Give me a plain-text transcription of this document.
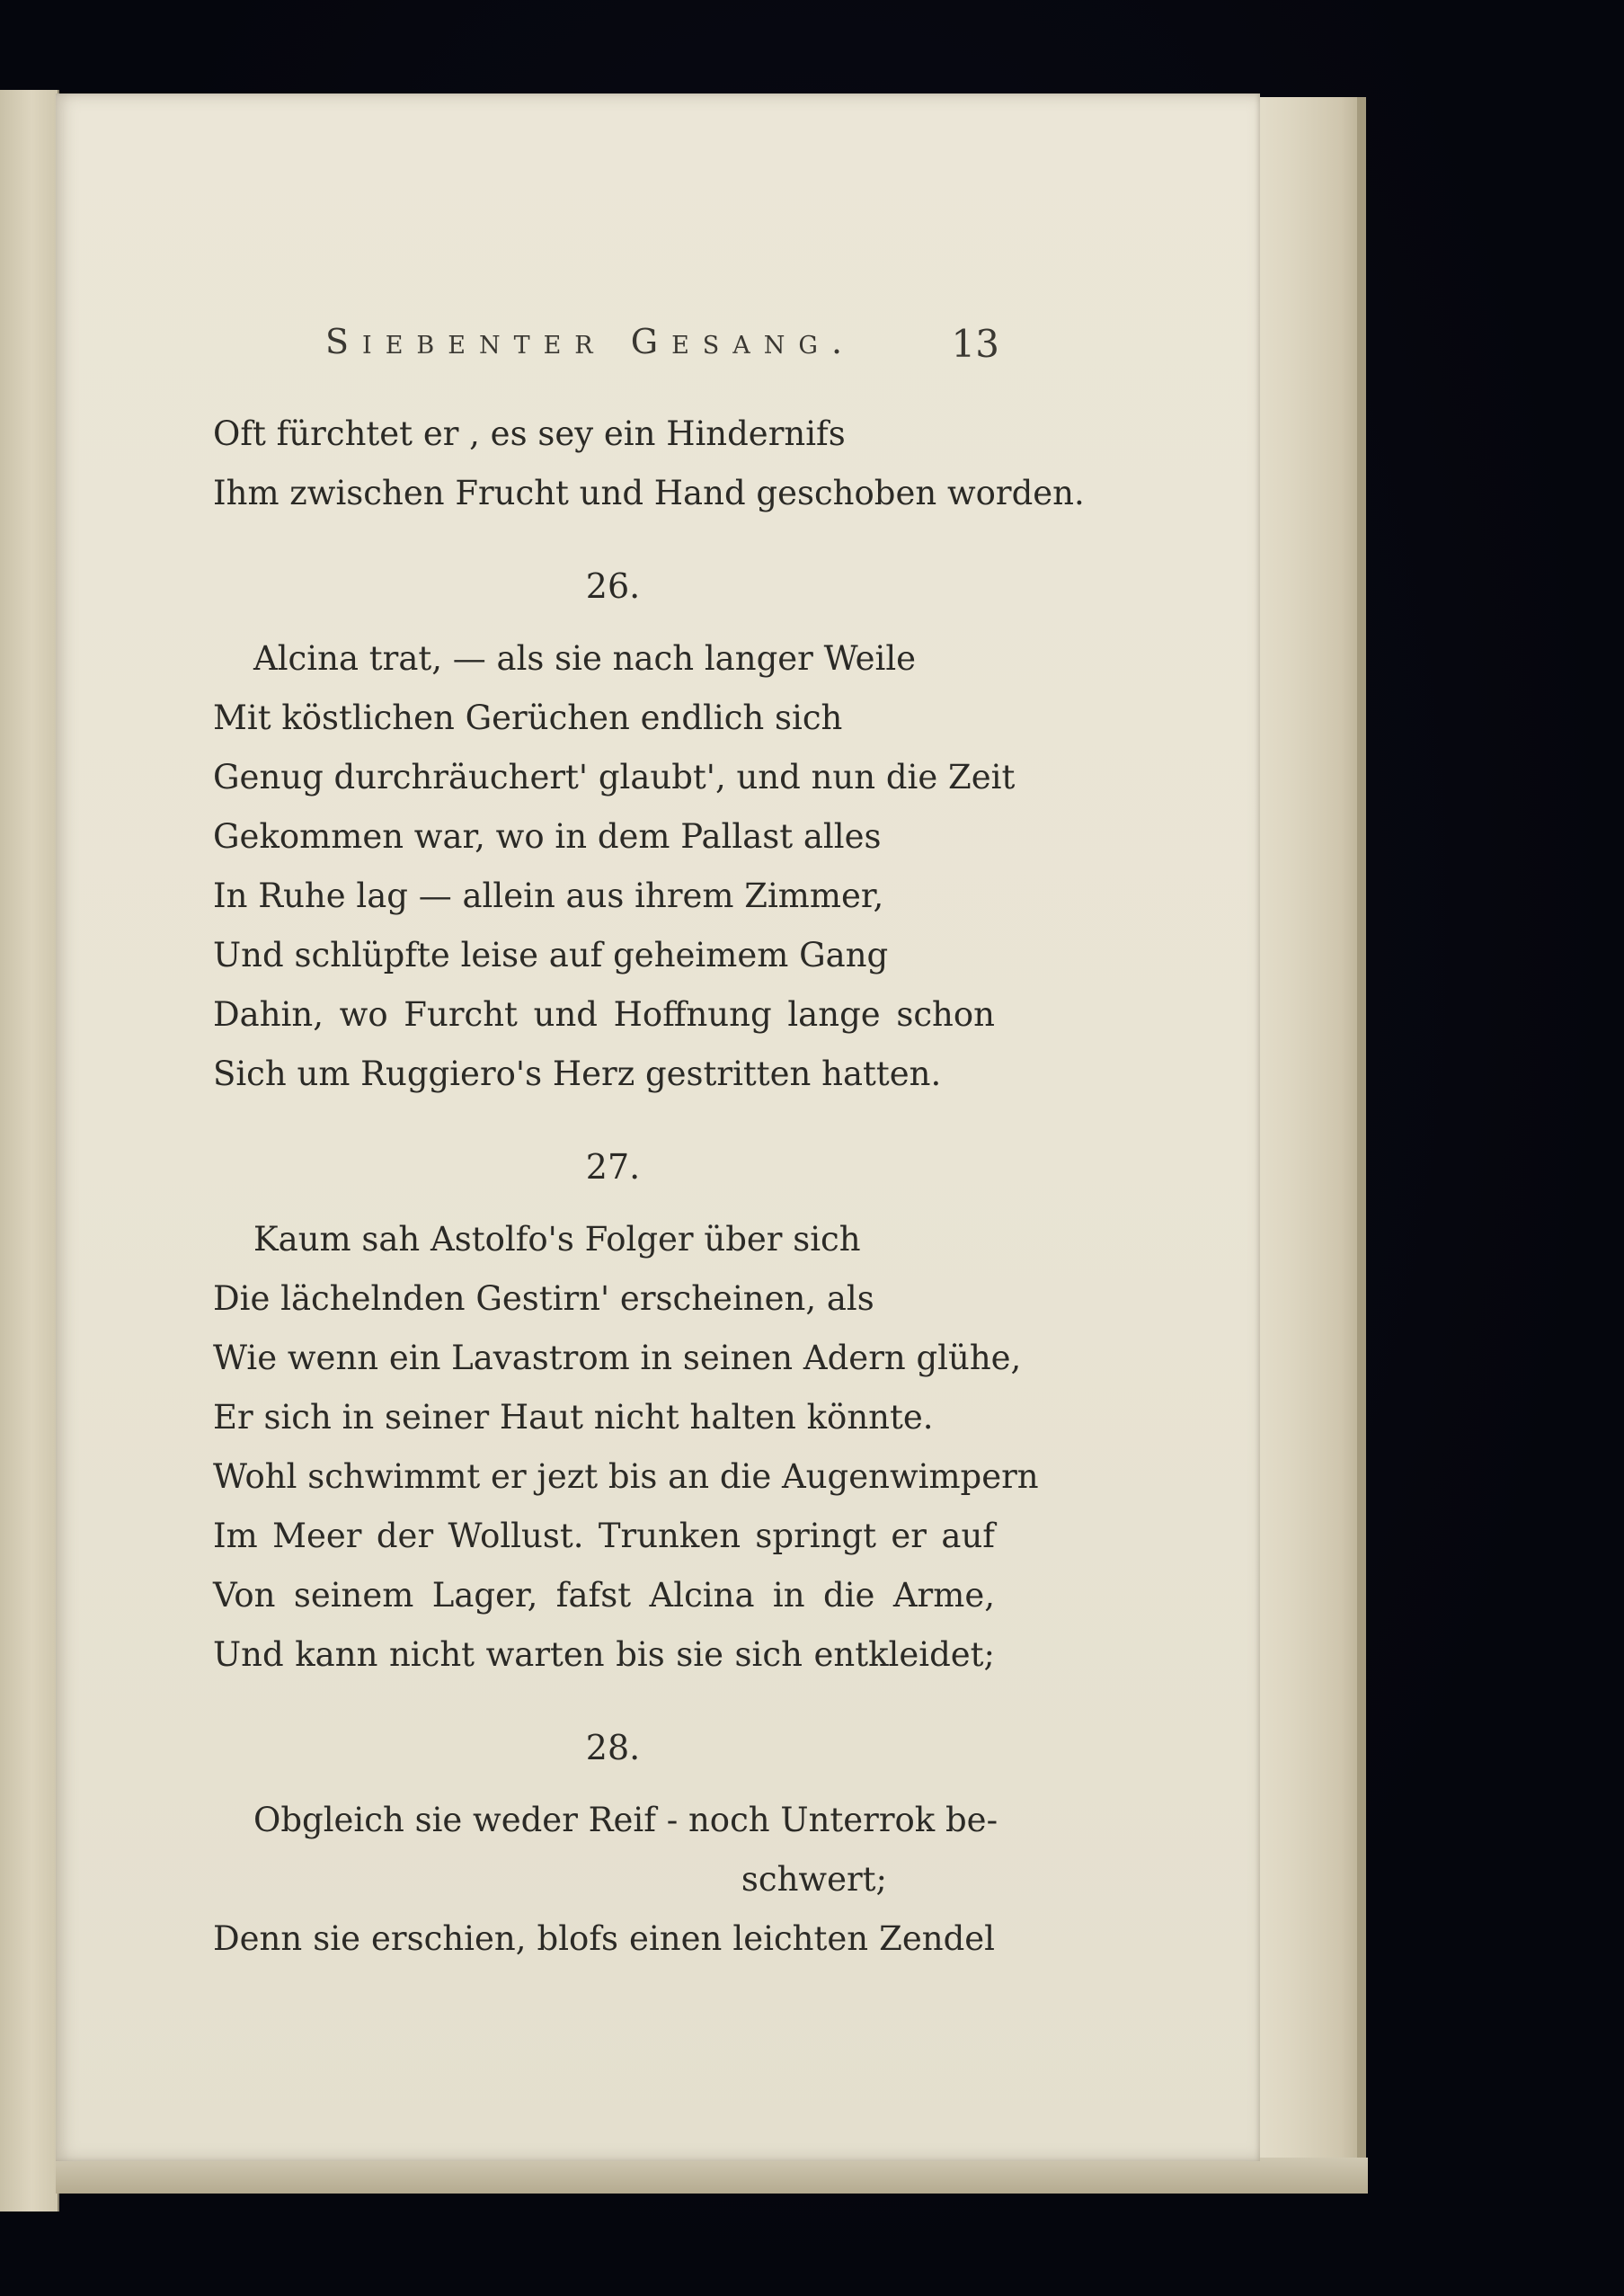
Siebenter Gesang.	13
Oft fürchtet er , es sey ein Hindernifs
Ihm zwischen Frucht und Hand geschoben worden.
26.
Alcina trat, — als sie nach langer Weile
Mit köstlichen Gerüchen endlich sich
Genug durchräuchert' glaubt', und nun die Zeit
Gekommen war, wo in dem Pallast alles
In Ruhe lag — allein aus ihrem Zimmer,
Und schlüpfte leise auf geheimem Gang
Dahin, wo Furcht und Hoffnung lange schon
Sich um Ruggiero's Herz gestritten hatten.
27.
Kaum sah Astolfo's Folger über sich
Die lächelnden Gestirn' erscheinen, als
Wie wenn ein Lavastrom in seinen Adern glühe,
Er sich in seiner Haut nicht halten könnte.
Wohl schwimmt er jezt bis an die Augenwimpern
Im Meer der Wollust. Trunken springt er auf
Von seinem Lager, fafst Alcina in die Arme,
Und kann nicht warten bis sie sich entkleidet;
28.
Obgleich sie weder Reif - noch Unterrok be-
schwert;
Denn sie erschien, blofs einen leichten Zendel
